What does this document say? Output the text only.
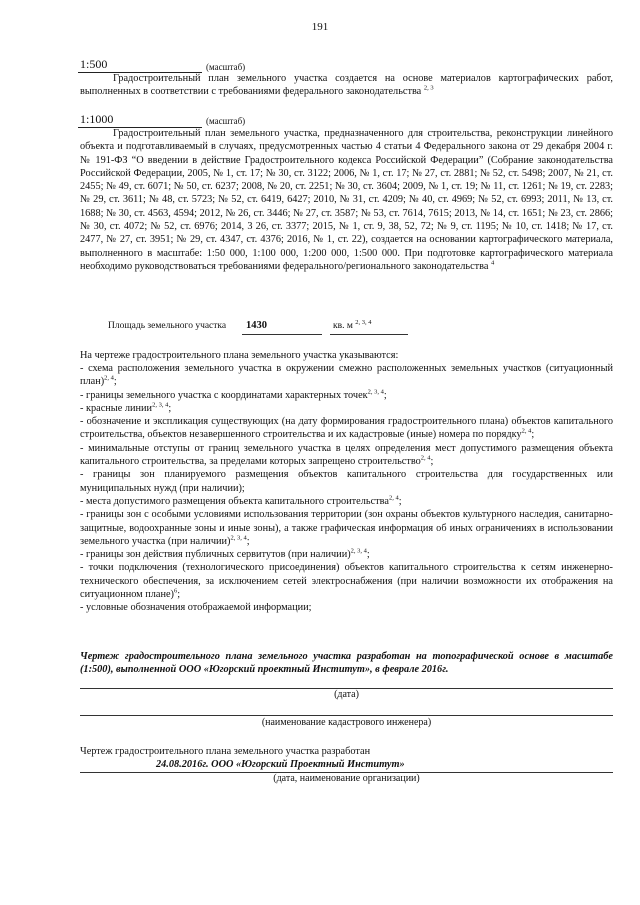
191
1:500	(масштаб)
Градостроительный план земельного участка создается на основе материалов картографических работ, выполненных в соответствии с требованиями федерального законодательства $^{2, 3}$
1:1000	(масштаб)
Градостроительный план земельного участка, предназначенного для строительства, реконструкции линейного объекта и подготавливаемый в случаях, предусмотренных частью 4 статьи 4 Федерального закона от 29 декабря 2004 г. № 191-ФЗ “О введении в действие Градостроительного кодекса Российской Федерации” (Собрание законодательства Российской Федерации, 2005, № 1, ст. 17; № 30, ст. 3122; 2006, № 1, ст. 17; № 27, ст. 2881; № 52, ст. 5498; 2007, № 21, ст. 2455; № 49, ст. 6071; № 50, ст. 6237; 2008, № 20, ст. 2251; № 30, ст. 3604; 2009, № 1, ст. 19; № 11, ст. 1261; № 19, ст. 2283; № 29, ст. 3611; № 48, ст. 5723; № 52, ст. 6419, 6427; 2010, № 31, ст. 4209; № 40, ст. 4969; № 52, ст. 6993; 2011, № 13, ст. 1688; № 30, ст. 4563, 4594; 2012, № 26, ст. 3446; № 27, ст. 3587; № 53, ст. 7614, 7615; 2013, № 14, ст. 1651; № 23, ст. 2866; № 30, ст. 4072; № 52, ст. 6976; 2014, 3 26, ст. 3377; 2015, № 1, ст. 9, 38, 52, 72; № 9, ст. 1195; № 10, ст. 1418; № 17, ст. 2477, № 27, ст. 3951; № 29, ст. 4347, ст. 4376; 2016, № 1, ст. 22), создается на основании картографического материала, выполненного в масштабе: 1:50 000, 1:100 000, 1:200 000, 1:500 000. При подготовке картографического материала необходимо руководствоваться требованиями федерального/регионального законодательства $^4$
Площадь земельного участка 1430	кв. м $^{2, 3, 4}$
На чертеже градостроительного плана земельного участка указываются:
- схема расположения земельного участка в окружении смежно расположенных земельных участков (ситуационный план)$^{2, 4}$;
- границы земельного участка с координатами характерных точек$^{2, 3, 4}$;
- красные линии$^{2, 3, 4}$;
- обозначение и экспликация существующих (на дату формирования градостроительного плана) объектов капитального строительства, объектов незавершенного строительства и их кадастровые (иные) номера по порядку$^{2, 4}$;
- минимальные отступы от границ земельного участка в целях определения мест допустимого размещения объекта капитального строительства, за пределами которых запрещено строительство$^{2, 4}$;
- границы зон планируемого размещения объектов капитального строительства для государственных или муниципальных нужд (при наличии);
- места допустимого размещения объекта капитального строительства$^{2, 4}$;
- границы зон с особыми условиями использования территории (зон охраны объектов культурного наследия, санитарно-защитные, водоохранные зоны и иные зоны), а также графическая информация об иных ограничениях в использовании земельного участка (при наличии)$^{2, 3, 4}$;
- границы зон действия публичных сервитутов (при наличии)$^{2, 3, 4}$;
- точки подключения (технологического присоединения) объектов капитального строительства к сетям инженерно-технического обеспечения, за исключением сетей электроснабжения (при наличии возможности их отображения на ситуационном плане)$^6$;
- условные обозначения отображаемой информации;
Чертеж градостроительного плана земельного участка разработан на топографической основе в масштабе (1:500), выполненной ООО «Югорский проектный Институт», в феврале 2016г.
(дата)
(наименование кадастрового инженера)
Чертеж градостроительного плана земельного участка разработан
24.08.2016г. ООО «Югорский Проектный Институт»
(дата, наименование организации)
